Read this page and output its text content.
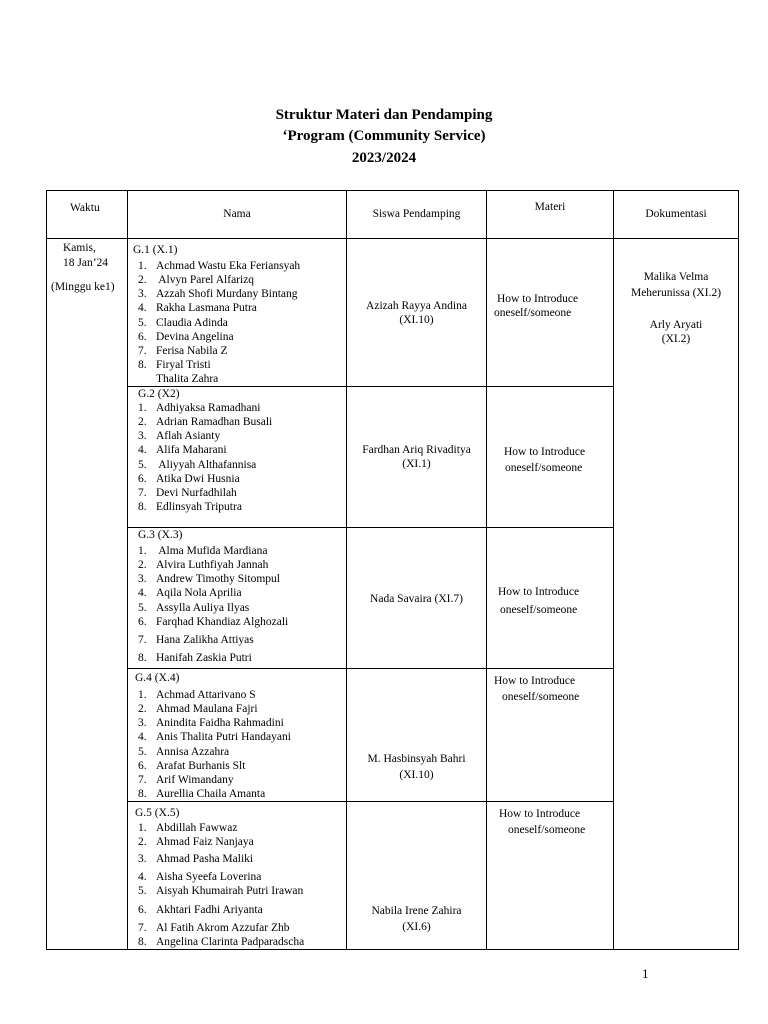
Struktur Materi dan Pendamping
‘Program (Community Service)
2023/2024
Waktu	Nama	Siswa Pendamping
Materi
Dokumentasi
Kamis,
18 Jan’24
(Minggu ke1)
Malika Velma
Meherunissa (XI.2)
Arly Aryati
(XI.2)
G.1 (X.1)
1. Achmad Wastu Eka Feriansyah
2. Alvyn Parel Alfarizq
3. Azzah Shofi Murdany Bintang
4. Rakha Lasmana Putra
5. Claudia Adinda
6. Devina Angelina
7. Ferisa Nabila Z
8. Firyal Tristi
Thalita Zahra
Azizah Rayya Andina
(XI.10)
How to Introduce
oneself/someone
G.2 (X2)
1. Adhiyaksa Ramadhani
2. Adrian Ramadhan Busali
3. Aflah Asianty
4. Alifa Maharani
5. Aliyyah Althafannisa
6. Atika Dwi Husnia
7. Devi Nurfadhilah
8. Edlinsyah Triputra
Fardhan Ariq Rivaditya
(XI.1)
How to Introduce
oneself/someone
G.3 (X.3)
1. Alma Mufida Mardiana
2. Alvira Luthfiyah Jannah
3. Andrew Timothy Sitompul
4. Aqila Nola Aprilia
5. Assylla Auliya Ilyas
6. Farqhad Khandiaz Alghozali
7. Hana Zalikha Attiyas
8. Hanifah Zaskia Putri
Nada Savaira (XI.7)
How to Introduce
oneself/someone
G.4 (X.4)
1. Achmad Attarivano S
2. Ahmad Maulana Fajri
3. Anindita Faidha Rahmadini
4. Anis Thalita Putri Handayani
5. Annisa Azzahra
6. Arafat Burhanis Slt
7. Arif Wimandany
8. Aurellia Chaila Amanta
M. Hasbinsyah Bahri
(XI.10)
How to Introduce
oneself/someone
G.5 (X.5)
1. Abdillah Fawwaz
2. Ahmad Faiz Nanjaya
3. Ahmad Pasha Maliki
4. Aisha Syeefa Loverina
5. Aisyah Khumairah Putri Irawan
6. Akhtari Fadhi Ariyanta
7. Al Fatih Akrom Azzufar Zhb
8. Angelina Clarinta Padparadscha
Nabila Irene Zahira
(XI.6)
How to Introduce
oneself/someone
1
